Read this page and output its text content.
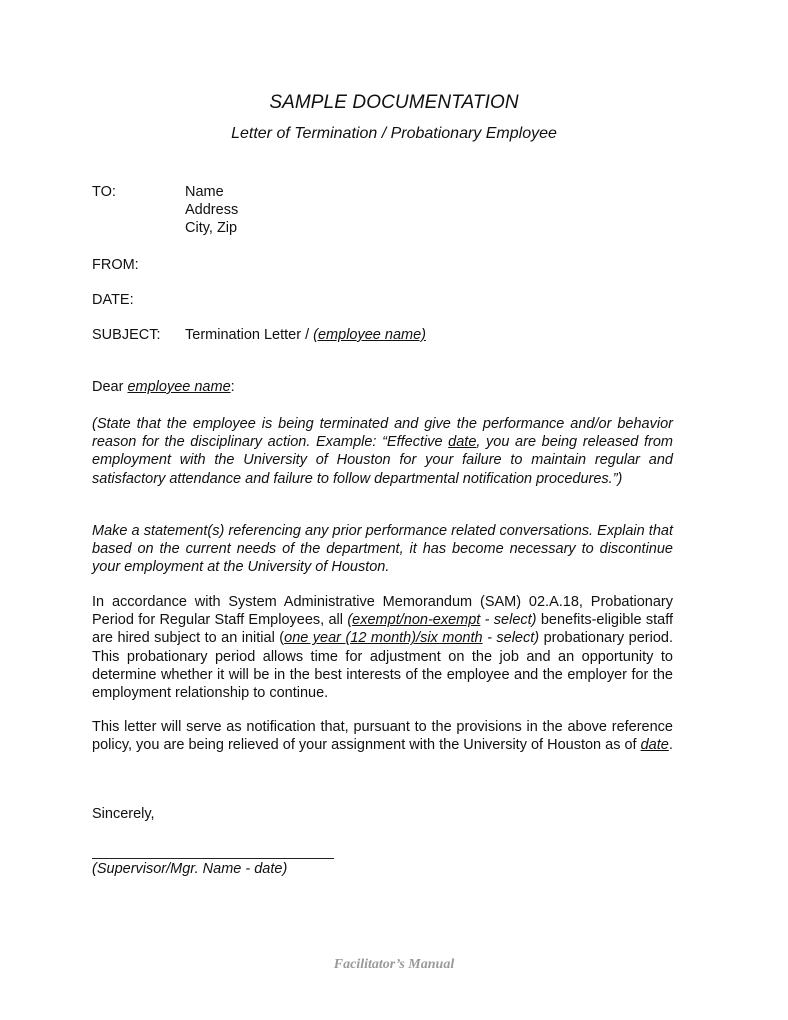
SAMPLE DOCUMENTATION
Letter of Termination / Probationary Employee
TO:	Name
Address
City, Zip
FROM:
DATE:
SUBJECT: Termination Letter / (employee name)
Dear employee name:
(State that the employee is being terminated and give the performance and/or behavior reason for the disciplinary action. Example: “Effective date, you are being released from employment with the University of Houston for your failure to maintain regular and satisfactory attendance and failure to follow departmental notification procedures.”)
Make a statement(s) referencing any prior performance related conversations. Explain that based on the current needs of the department, it has become necessary to discontinue your employment at the University of Houston.
In accordance with System Administrative Memorandum (SAM) 02.A.18, Probationary Period for Regular Staff Employees, all (exempt/non-exempt - select) benefits-eligible staff are hired subject to an initial (one year (12 month)/six month - select) probationary period. This probationary period allows time for adjustment on the job and an opportunity to determine whether it will be in the best interests of the employee and the employer for the employment relationship to continue.
This letter will serve as notification that, pursuant to the provisions in the above reference policy, you are being relieved of your assignment with the University of Houston as of date.
Sincerely,
(Supervisor/Mgr. Name - date)
Facilitator’s Manual
